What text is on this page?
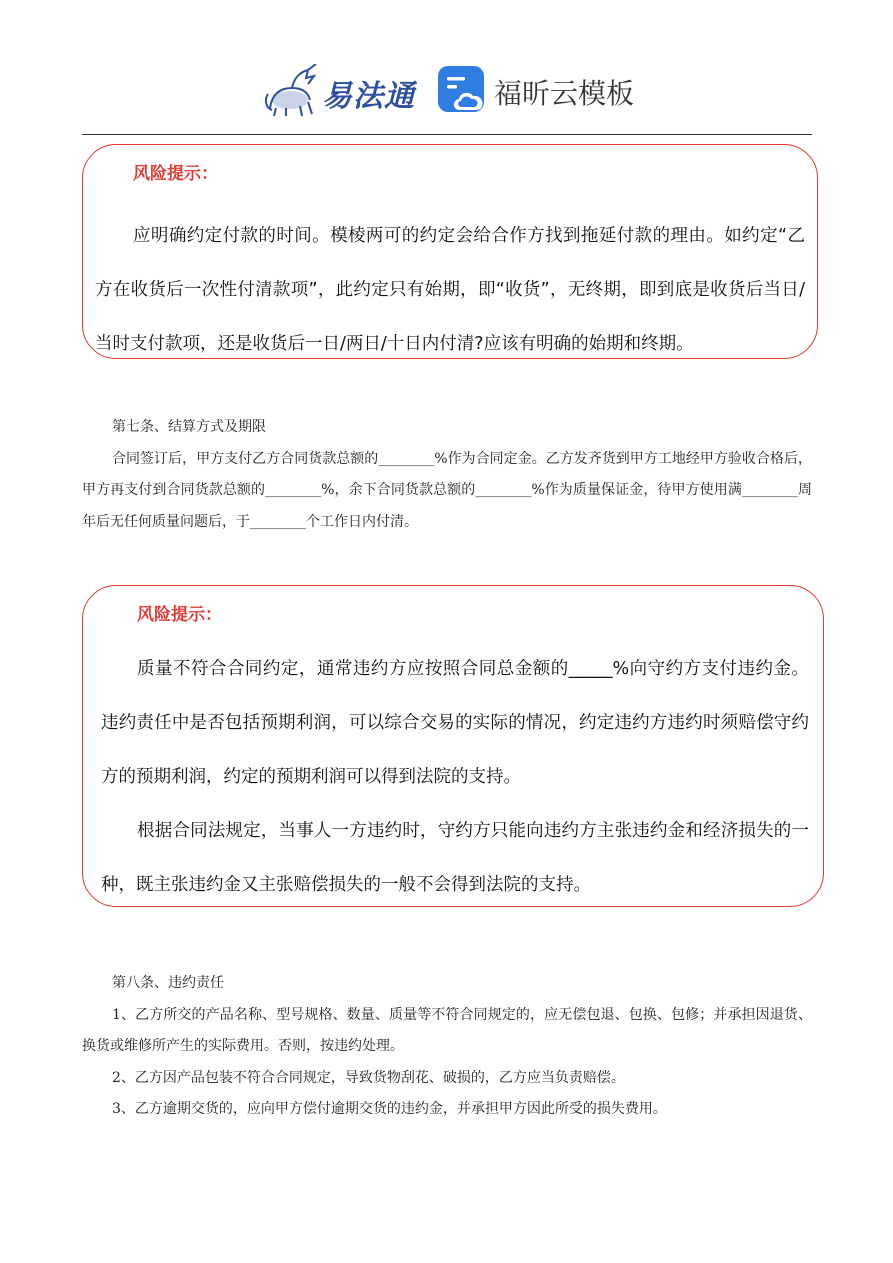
易法通	福昕云模板
风险提示：
应明确约定付款的时间。模棱两可的约定会给合作方找到拖延付款的理由。如约定“乙方在收货后一次性付清款项”，此约定只有始期，即“收货”，无终期，即到底是收货后当日/当时支付款项，还是收货后一日/两日/十日内付清?应该有明确的始期和终期。

第七条、结算方式及期限

合同签订后，甲方支付乙方合同货款总额的________%作为合同定金。乙方发齐货到甲方工地经甲方验收合格后，甲方再支付到合同货款总额的________%，余下合同货款总额的________%作为质量保证金，待甲方使用满________周年后无任何质量问题后，于________个工作日内付清。

风险提示：
质量不符合合同约定，通常违约方应按照合同总金额的_____%向守约方支付违约金。违约责任中是否包括预期利润，可以综合交易的实际的情况，约定违约方违约时须赔偿守约方的预期利润，约定的预期利润可以得到法院的支持。
根据合同法规定，当事人一方违约时，守约方只能向违约方主张违约金和经济损失的一种，既主张违约金又主张赔偿损失的一般不会得到法院的支持。

第八条、违约责任

1、乙方所交的产品名称、型号规格、数量、质量等不符合同规定的，应无偿包退、包换、包修；并承担因退货、换货或维修所产生的实际费用。否则，按违约处理。

2、乙方因产品包装不符合合同规定，导致货物刮花、破损的，乙方应当负责赔偿。

3、乙方逾期交货的，应向甲方偿付逾期交货的违约金，并承担甲方因此所受的损失费用。
